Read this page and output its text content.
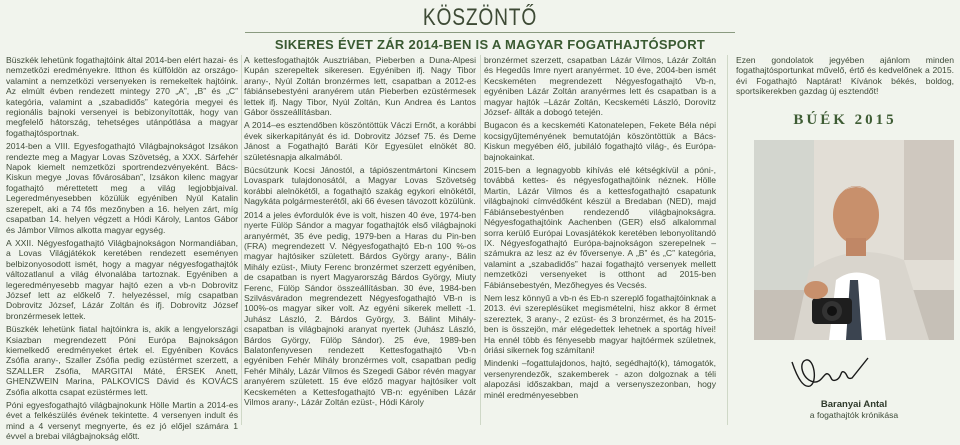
KÖSZÖNTŐ
SIKERES ÉVET ZÁR 2014-BEN IS A MAGYAR FOGATHAJTÓSPORT

Büszkék lehetünk fogathajtóink által 2014-ben elért hazai- és nemzetközi eredményekre. Itthon és külföldön az országo-valamint a nemzetközi versenyeken is remekeltek hajtóink. Az elmúlt évben rendezett mintegy 270 „A”, „B” és „C” kategória, valamint a „szabadidős” kategória megyei és regionális bajnoki versenyei is bebizonyították, hogy van megfelelő hátország, tehetséges utánpótlása a magyar fogathajtósportnak.

2014-ben a VIII. Egyesfogathajtó Világbajnokságot Izsákon rendezte meg a Magyar Lovas Szövetség, a XXX. Sárfehér Napok kiemelt nemzetközi sportrendezvényeként. Bács-Kiskun megye „lovas fővárosában”, Izsákon kilenc magyar fogathajtó mérettetett meg a világ legjobbjaival. Legeredményesebben közülük egyéniben Nyúl Katalin szerepelt, aki a 74 fős mezőnyben a 16. helyen zárt, míg csapatban 14. helyen végzett a Hódi Károly, Lantos Gábor és Jámbor Vilmos alkotta magyar egység.

A XXII. Négyesfogathajtó Világbajnokságon Normandiában, a Lovas Világjátékok keretében rendezett eseményen belbizonyosodott ismét, hogy a magyar négyesfogathajtók változatlanul a világ élvonalába tartoznak. Egyéniben a legeredményesebb magyar hajtó ezen a vb-n Dobrovitz József lett az előkelő 7. helyezéssel, míg csapatban Dobrovitz József, Lázár Zoltán és ifj. Dobrovitz József bronzérmesek lettek.

Büszkék lehetünk fiatal hajtóinkra is, akik a lengyelországi Ksiazban megrendezett Póni Európa Bajnokságon kiemelkedő eredményeket értek el. Egyéniben Kovács Zsófia arany-, Szaller Zsófia pedig ezüstérmet szerzett, a SZALLER Zsófia, MARGITAI Máté, ÉRSEK Anett, GHENZWEIN Marina, PALKOVICS Dávid és KOVÁCS Zsófia alkotta csapat ezüstérmes lett.

Póni egyesfogathajtó világbajnokunk Hölle Martin a 2014-es évet a felkészülés évének tekintette. 4 versenyen indult és mind a 4 versenyt megnyerte, és ez jó előjel számára 1 évvel a brebai világbajnokság előtt.

A kettesfogathajtók Ausztriában, Pieberben a Duna-Alpesi Kupán szerepeltek sikeresen. Egyéniben ifj. Nagy Tibor arany-, Nyúl Zoltán bronzérmes lett, csapatban a 2012-es fábiánsebestyéni aranyérem után Pieberben ezüstérmesek lettek ifj. Nagy Tibor, Nyúl Zoltán, Kun Andrea és Lantos Gábor összeállításban.

A 2014–es esztendőben köszöntöttük Váczi Ernőt, a korábbi évek sikerkapitányát és id. Dobrovitz József 75. és Deme Jánost a Fogathajtó Baráti Kör Egyesület elnökét 80. születésnapja alkalmából.

Búcsútzunk Kocsi Jánostól, a tápiószentmártoni Kincsem Lovaspark tulajdonosától, a Magyar Lovas Szövetség korábbi alelnökétől, a fogathajtó szakág egykori elnökétől, Nagykáta polgármesterétől, aki 66 évesen távozott közülünk.

2014 a jeles évfordulók éve is volt, hiszen 40 éve, 1974-ben nyerte Fülöp Sándor a magyar fogathajtók első világbajnoki aranyérmét, 35 éve pedig, 1979-ben a Haras du Pin-ben (FRA) megrendezett V. Négyesfogathajtó Eb-n 100 %-os magyar hajtósiker született. Bárdos György arany-, Bálin Mihály ezüst-, Miuty Ferenc bronzérmet szerzett egyéniben, de csapatban is nyert Magyarország Bárdos György, Miuty Ferenc, Fülöp Sándor összeállításban. 30 éve, 1984-ben Szilvásváradon megrendezett Négyesfogathajtó VB-n is 100%-os magyar siker volt. Az egyéni sikerek mellett -1. Juhász László, 2. Bárdos György, 3. Bálint Mihály- csapatban is világbajnoki aranyat nyertek (Juhász László, Bárdos György, Fülöp Sándor). 25 éve, 1989-ben Balatonfenyvesen rendezett Kettesfogathajtó Vb-n egyéniben Fehér Mihály bronzérmes volt, csapatban pedig Fehér Mihály, Lázár Vilmos és Szegedi Gábor révén magyar aranyérem született. 15 éve előző magyar hajtósiker volt Kecskeméten a Kettesfogathajtó VB-n: egyéniben Lázár Vilmos arany-, Lázár Zoltán ezüst-, Hódi Károly

bronzérmet szerzett, csapatban Lázár Vilmos, Lázár Zoltán és Hegedűs Imre nyert aranyérmet. 10 éve, 2004-ben ismét Kecskeméten megrendezett Négyesfogathajtó Vb-n, egyéniben Lázár Zoltán aranyérmes lett és csapatban is a magyar hajtók –Lázár Zoltán, Kecskeméti László, Dorovitz József- állták a dobogó tetején.

Bugacon és a kecskeméti Katonatelepen, Fekete Béla népi kocsigyűjteményének bemutatóján köszöntöttük a Bács-Kiskun megyében élő, jubiláló fogathajtó világ-, és Európa-bajnokainkat.

2015-ben a legnagyobb kihívás elé kétségkívül a póni-, továbbá kettes- és négyesfogathajtóink néznek. Hölle Martin, Lázár Vilmos és a kettesfogathajtó csapatunk világbajnoki címvédőként készül a Bredaban (NED), majd Fábiánsebestyénben rendezendő világbajnokságra. Négyesfogathajtóink Aachenben (GER) első alkalommal sorra kerülő Európai Lovasjátékok keretében lebonyolítandó IX. Négyesfogathajtó Európa-bajnokságon szerepelnek – számukra az lesz az év főversenye. A „B” és „C” kategória, valamint a „szabadidős” hazai fogathajtó versenyek mellett nemzetközi versenyeket is otthont ad 2015-ben Fábiánsebestyén, Mezőhegyes és Vecsés.

Nem lesz könnyű a vb-n és Eb-n szereplő fogathajtóinknak a 2013. évi szereplésüket megismételni, hisz akkor 8 érmet szereztek, 3 arany-, 2 ezüst- és 3 bronzérmet, és ha 2015-ben is összejön, már elégedettek lehetnek a sportág hívei! Ha ennél több és fényesebb magyar hajtóérmek születnek, óriási sikernek fog számítani!

Mindenki –fogattulajdonos, hajtó, segédhajtó(k), támogatók, versenyrendezők, szakemberek - azon dolgoznak a téli alapozási időszakban, majd a versenyszezonban, hogy minél eredményesebben

Ezen gondolatok jegyében ajánlom minden fogathajtósportunkat művelő, értő és kedvelőnek a 2015. évi Fogathajtó Naptárat! Kívánok békés, boldog, sportsikerekben gazdag új esztendőt!

BÚÉK 2015
Baranyai Antal
a fogathajtók krónikása
